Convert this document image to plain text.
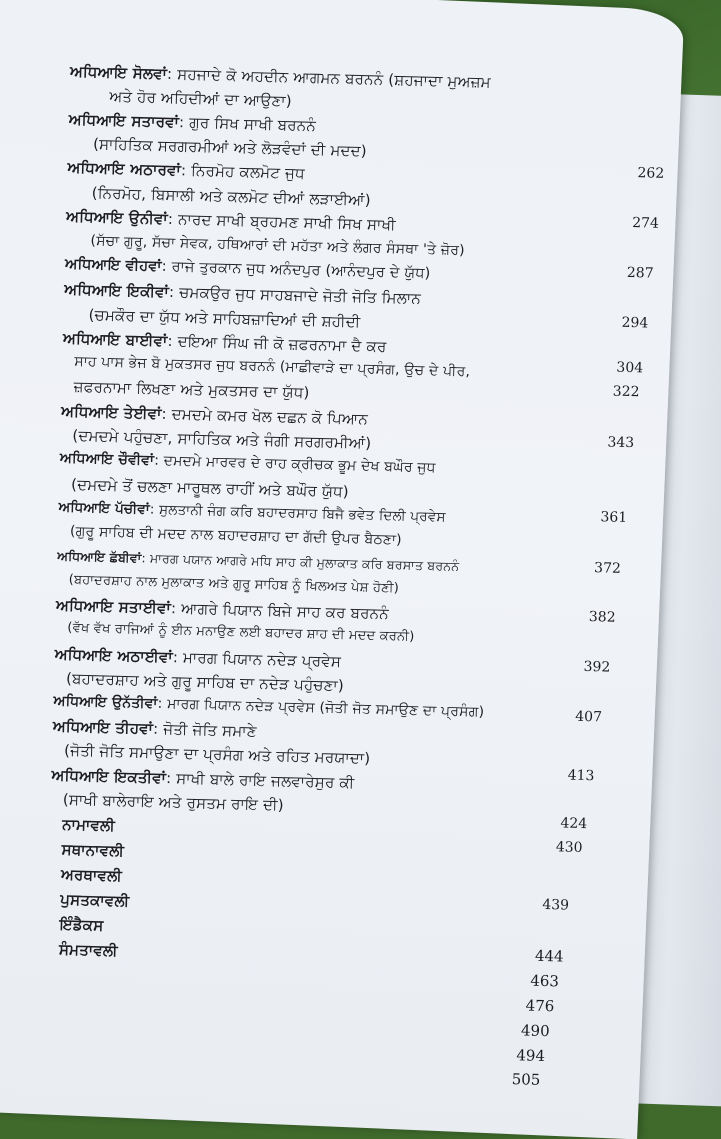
ਅਧਿਆਇ ਸੋਲਵਾਂ: ਸਹਜਾਦੇ ਕੋ ਅਹਦੀਨ ਆਗਮਨ ਬਰਨਨੰ (ਸ਼ਹਜਾਦਾ ਮੁਅਜ਼ਮ
ਅਤੇ ਹੋਰ ਅਹਿਦੀਆਂ ਦਾ ਆਉਣਾ)
ਅਧਿਆਇ ਸਤਾਰਵਾਂ: ਗੁਰ ਸਿਖ ਸਾਖੀ ਬਰਨਨੰ
(ਸਾਹਿਤਿਕ ਸਰਗਰਮੀਆਂ ਅਤੇ ਲੋੜਵੰਦਾਂ ਦੀ ਮਦਦ)
ਅਧਿਆਇ ਅਠਾਰਵਾਂ: ਨਿਰਮੋਹ ਕਲਮੋਟ ਜੁਧ
(ਨਿਰਮੋਹ, ਬਿਸਾਲੀ ਅਤੇ ਕਲਮੋਟ ਦੀਆਂ ਲੜਾਈਆਂ)
ਅਧਿਆਇ ਉਨੀਵਾਂ: ਨਾਰਦ ਸਾਖੀ ਬ੍ਰਹਮਣ ਸਾਖੀ ਸਿਖ ਸਾਖੀ
(ਸੱਚਾ ਗੁਰੂ, ਸੱਚਾ ਸੇਵਕ, ਹਥਿਆਰਾਂ ਦੀ ਮਹੱਤਾ ਅਤੇ ਲੰਗਰ ਸੰਸਥਾ 'ਤੇ ਜ਼ੋਰ)
ਅਧਿਆਇ ਵੀਹਵਾਂ: ਰਾਜੇ ਤੁਰਕਾਨ ਜੁਧ ਅਨੰਦਪੁਰ (ਆਨੰਦਪੁਰ ਦੇ ਯੁੱਧ)
ਅਧਿਆਇ ਇਕੀਵਾਂ: ਚਮਕਉਰ ਜੁਧ ਸਾਹਬਜਾਦੇ ਜੋਤੀ ਜੋਤਿ ਮਿਲਾਨ
(ਚਮਕੌਰ ਦਾ ਯੁੱਧ ਅਤੇ ਸਾਹਿਬਜ਼ਾਦਿਆਂ ਦੀ ਸ਼ਹੀਦੀ
ਅਧਿਆਇ ਬਾਈਵਾਂ: ਦਇਆ ਸਿੰਘ ਜੀ ਕੋ ਜ਼ਫਰਨਾਮਾ ਦੈ ਕਰ
ਸਾਹ ਪਾਸ ਭੇਜ ਬੋ ਮੁਕਤਸਰ ਜੁਧ ਬਰਨਨੰ (ਮਾਛੀਵਾੜੇ ਦਾ ਪ੍ਰਸੰਗ, ਉਚ ਦੇ ਪੀਰ,
ਜ਼ਫਰਨਾਮਾ ਲਿਖਣਾ ਅਤੇ ਮੁਕਤਸਰ ਦਾ ਯੁੱਧ)
ਅਧਿਆਇ ਤੇਈਵਾਂ: ਦਮਦਮੇ ਕਮਰ ਖੋਲ ਦਛਨ ਕੋ ਪਿਆਨ
(ਦਮਦਮੇ ਪਹੁੰਚਣਾ, ਸਾਹਿਤਿਕ ਅਤੇ ਜੰਗੀ ਸਰਗਰਮੀਆਂ)
ਅਧਿਆਇ ਚੌਵੀਵਾਂ: ਦਮਦਮੇ ਮਾਰਵਰ ਦੇ ਰਾਹ ਕ੍ਰੀਚਕ ਭੂਮ ਦੇਖ ਬਘੌਰ ਜੁਧ
(ਦਮਦਮੇ ਤੋਂ ਚਲਣਾ ਮਾਰੂਥਲ ਰਾਹੀਂ ਅਤੇ ਬਘੌਰ ਯੁੱਧ)
ਅਧਿਆਇ ਪੱਚੀਵਾਂ: ਸੁਲਤਾਨੀ ਜੰਗ ਕਰਿ ਬਹਾਦਰਸਾਹ ਬਿਜੈ ਭਵੇਤ ਦਿਲੀ ਪ੍ਰਵੇਸ
(ਗੁਰੂ ਸਾਹਿਬ ਦੀ ਮਦਦ ਨਾਲ ਬਹਾਦਰਸ਼ਾਹ ਦਾ ਗੱਦੀ ਉਪਰ ਬੈਠਣਾ)
ਅਧਿਆਇ ਛੱਬੀਵਾਂ: ਮਾਰਗ ਪਯਾਨ ਆਗਰੇ ਮਧਿ ਸਾਹ ਕੀ ਮੁਲਾਕਾਤ ਕਰਿ ਬਰਸਾਤ ਬਰਨਨੰ
(ਬਹਾਦਰਸ਼ਾਹ ਨਾਲ ਮੁਲਾਕਾਤ ਅਤੇ ਗੁਰੂ ਸਾਹਿਬ ਨੂੰ ਖਿਲਅਤ ਪੇਸ਼ ਹੋਣੀ)
ਅਧਿਆਇ ਸਤਾਈਵਾਂ: ਆਗਰੇ ਪਿਯਾਨ ਬਿਜੇ ਸਾਹ ਕਰ ਬਰਨਨੰ
(ਵੱਖ ਵੱਖ ਰਾਜਿਆਂ ਨੂੰ ਈਨ ਮਨਾਉਣ ਲਈ ਬਹਾਦਰ ਸ਼ਾਹ ਦੀ ਮਦਦ ਕਰਨੀ)
ਅਧਿਆਇ ਅਠਾਈਵਾਂ: ਮਾਰਗ ਪਿਯਾਨ ਨਦੇੜ ਪ੍ਰਵੇਸ
(ਬਹਾਦਰਸ਼ਾਹ ਅਤੇ ਗੁਰੂ ਸਾਹਿਬ ਦਾ ਨਦੇੜ ਪਹੁੰਚਣਾ)
ਅਧਿਆਇ ਉਨੱਤੀਵਾਂ: ਮਾਰਗ ਪਿਯਾਨ ਨਦੇੜ ਪ੍ਰਵੇਸ (ਜੋਤੀ ਜੋਤ ਸਮਾਉਣ ਦਾ ਪ੍ਰਸੰਗ)
ਅਧਿਆਇ ਤੀਹਵਾਂ: ਜੋਤੀ ਜੋਤਿ ਸਮਾਣੇ
(ਜੋਤੀ ਜੋਤਿ ਸਮਾਉਣਾ ਦਾ ਪ੍ਰਸੰਗ ਅਤੇ ਰਹਿਤ ਮਰਯਾਦਾ)
ਅਧਿਆਇ ਇਕਤੀਵਾਂ: ਸਾਖੀ ਬਾਲੇ ਰਾਇ ਜਲਵਾਰੇਸੁਰ ਕੀ
(ਸਾਖੀ ਬਾਲੇਰਾਇ ਅਤੇ ਰੁਸਤਮ ਰਾਇ ਦੀ)
ਨਾਮਾਵਲੀ
ਸਥਾਨਾਵਲੀ
ਅਰਥਾਵਲੀ
ਪੁਸਤਕਾਵਲੀ
ਇੰਡੈਕਸ
ਸੰਮਤਾਵਲੀ
262
274
287
294
304
322
343
361
372
382
392
407
413
424
430
439
444
463
476
490
494
505
